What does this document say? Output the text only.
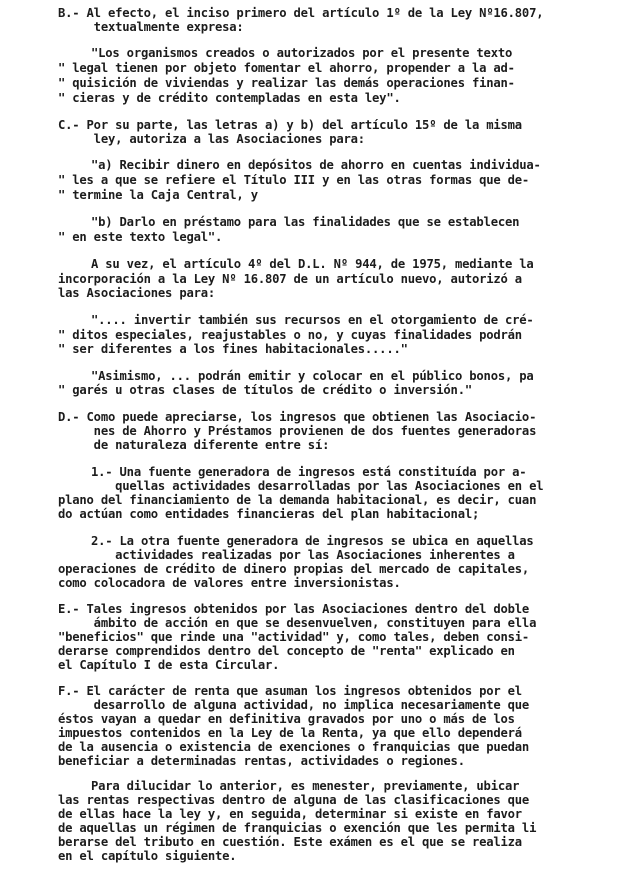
B.- Al efecto, el inciso primero del artículo 1º de la Ley Nº16.807,
textualmente expresa:
"Los organismos creados o autorizados por el presente texto
" legal tienen por objeto fomentar el ahorro, propender a la ad-
" quisición de viviendas y realizar las demás operaciones finan-
" cieras y de crédito contempladas en esta ley".
C.- Por su parte, las letras a) y b) del artículo 15º de la misma
ley, autoriza a las Asociaciones para:
"a) Recibir dinero en depósitos de ahorro en cuentas individua-
" les a que se refiere el Título III y en las otras formas que de-
" termine la Caja Central, y
"b) Darlo en préstamo para las finalidades que se establecen
" en este texto legal".
A su vez, el artículo 4º del D.L. Nº 944, de 1975, mediante la
incorporación a la Ley Nº 16.807 de un artículo nuevo, autorizó a
las Asociaciones para:
".... invertir también sus recursos en el otorgamiento de cré-
" ditos especiales, reajustables o no, y cuyas finalidades podrán
" ser diferentes a los fines habitacionales....."
"Asimismo, ... podrán emitir y colocar en el público bonos, pa
" garés u otras clases de títulos de crédito o inversión."
D.- Como puede apreciarse, los ingresos que obtienen las Asociacio-
nes de Ahorro y Préstamos provienen de dos fuentes generadoras
de naturaleza diferente entre sí:
1.- Una fuente generadora de ingresos está constituída por a-
quellas actividades desarrolladas por las Asociaciones en el
plano del financiamiento de la demanda habitacional, es decir, cuan
do actúan como entidades financieras del plan habitacional;
2.- La otra fuente generadora de ingresos se ubica en aquellas
actividades realizadas por las Asociaciones inherentes a
operaciones de crédito de dinero propias del mercado de capitales,
como colocadora de valores entre inversionistas.
E.- Tales ingresos obtenidos por las Asociaciones dentro del doble
ámbito de acción en que se desenvuelven, constituyen para ella
"beneficios" que rinde una "actividad" y, como tales, deben consi-
derarse comprendidos dentro del concepto de "renta" explicado en
el Capítulo I de esta Circular.
F.- El carácter de renta que asuman los ingresos obtenidos por el
desarrollo de alguna actividad, no implica necesariamente que
éstos vayan a quedar en definitiva gravados por uno o más de los
impuestos contenidos en la Ley de la Renta, ya que ello dependerá
de la ausencia o existencia de exenciones o franquicias que puedan
beneficiar a determinadas rentas, actividades o regiones.
Para dilucidar lo anterior, es menester, previamente, ubicar
las rentas respectivas dentro de alguna de las clasificaciones que
de ellas hace la ley y, en seguida, determinar si existe en favor
de aquellas un régimen de franquicias o exención que les permita li
berarse del tributo en cuestión. Este exámen es el que se realiza
en el capítulo siguiente.
